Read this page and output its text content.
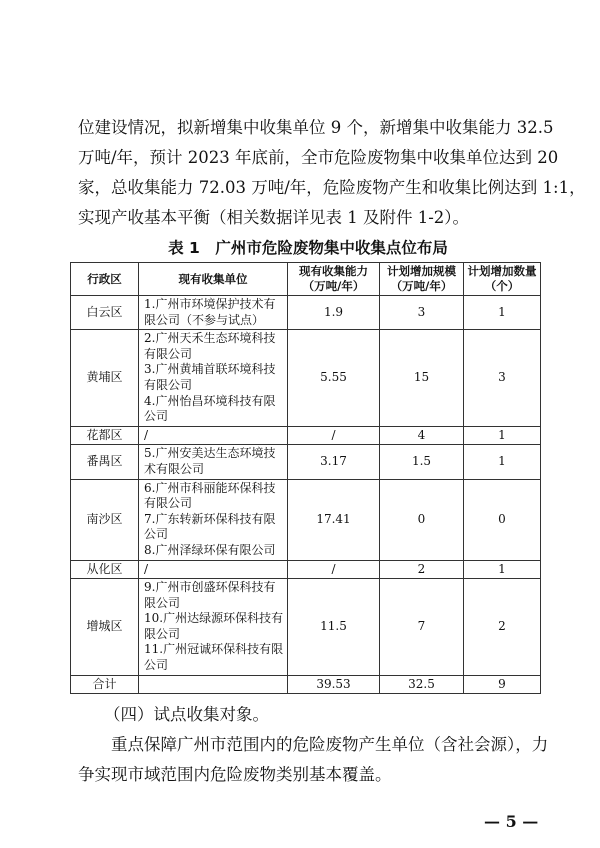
位建设情况，拟新增集中收集单位 9 个，新增集中收集能力 32.5
万吨/年，预计 2023 年底前，全市危险废物集中收集单位达到 20
家，总收集能力 72.03 万吨/年，危险废物产生和收集比例达到 1:1，
实现产收基本平衡（相关数据详见表 1 及附件 1-2）。
表 1　广州市危险废物集中收集点位布局
行政区	现有收集单位	现有收集能力（万吨/年）	计划增加规模（万吨/年）	计划增加数量（个）
白云区	1.广州市环境保护技术有限公司（不参与试点）	1.9	3	1
黄埔区	2.广州天禾生态环境科技有限公司
3.广州黄埔首联环境科技有限公司
4.广州怡昌环境科技有限公司	5.55	15	3
花都区	/	/	4	1
番禺区	5.广州安美达生态环境技术有限公司	3.17	1.5	1
南沙区	6.广州市科丽能环保科技有限公司
7.广东转新环保科技有限公司
8.广州泽绿环保有限公司	17.41	0	0
从化区	/	/	2	1
增城区	9.广州市创盛环保科技有限公司
10.广州达绿源环保科技有限公司
11.广州冠诚环保科技有限公司	11.5	7	2
合计		39.53	32.5	9
（四）试点收集对象。
　　重点保障广州市范围内的危险废物产生单位（含社会源），力
争实现市域范围内危险废物类别基本覆盖。
— 5 —
